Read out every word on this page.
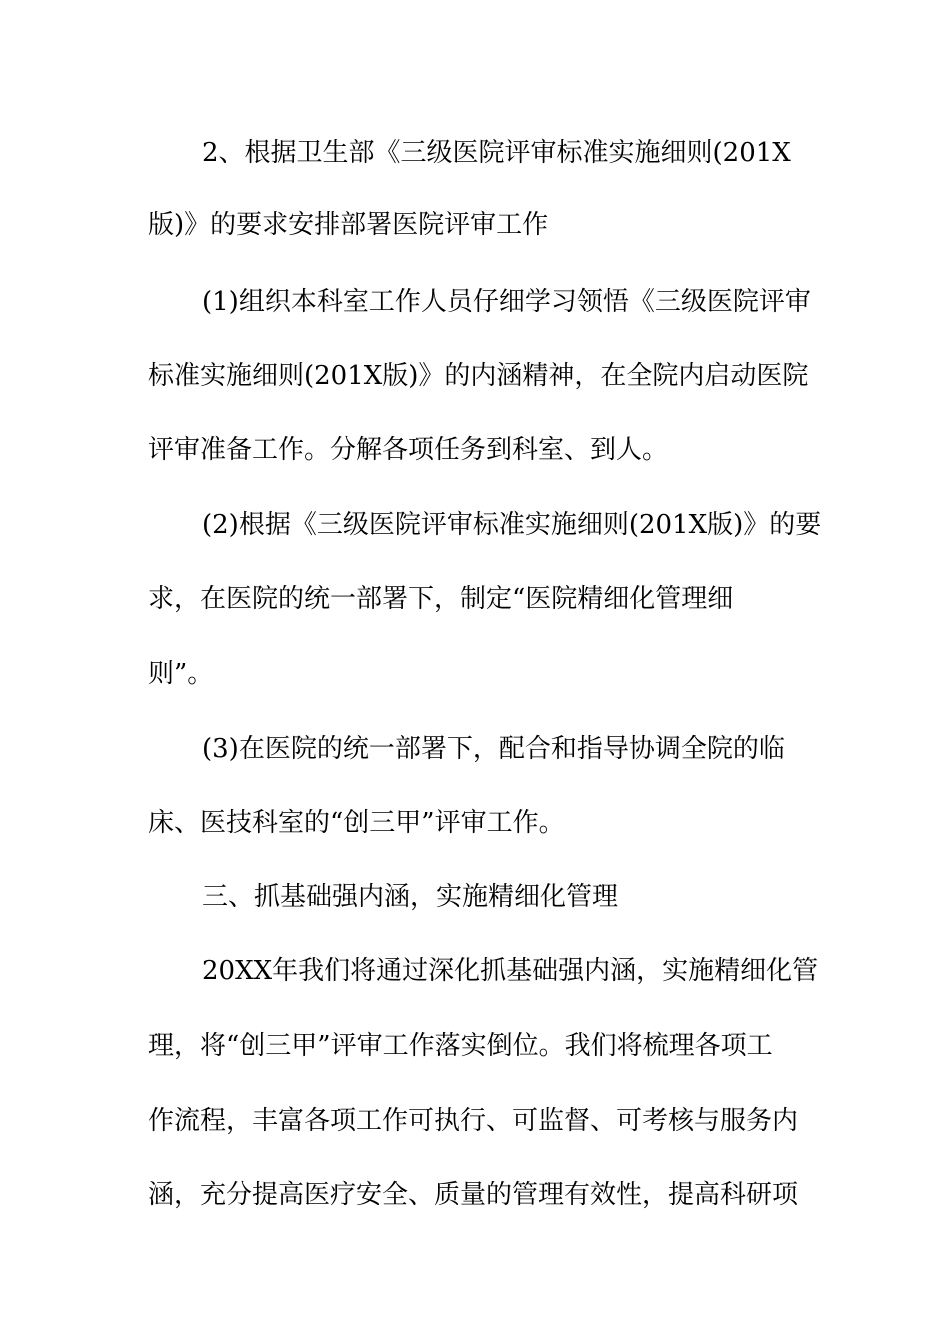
2、根据卫生部《三级医院评审标准实施细则(201X
版)》的要求安排部署医院评审工作
(1)组织本科室工作人员仔细学习领悟《三级医院评审
标准实施细则(201X版)》的内涵精神，在全院内启动医院
评审准备工作。分解各项任务到科室、到人。
(2)根据《三级医院评审标准实施细则(201X版)》的要
求，在医院的统一部署下，制定“医院精细化管理细
则”。
(3)在医院的统一部署下，配合和指导协调全院的临
床、医技科室的“创三甲”评审工作。
三、抓基础强内涵，实施精细化管理
20XX年我们将通过深化抓基础强内涵，实施精细化管
理，将“创三甲”评审工作落实倒位。我们将梳理各项工
作流程，丰富各项工作可执行、可监督、可考核与服务内
涵，充分提高医疗安全、质量的管理有效性，提高科研项
